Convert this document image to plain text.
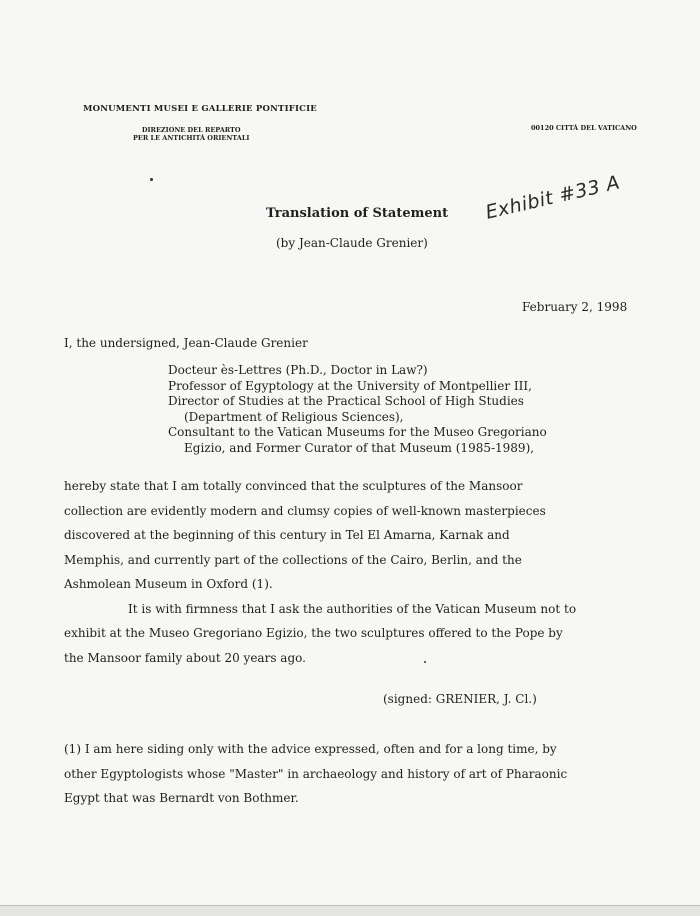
MONUMENTI MUSEI E GALLERIE PONTIFICIE
DIREZIONE DEL REPARTO
PER LE ANTICHITÀ ORIENTALI
00120 CITTÀ DEL VATICANO
Translation of Statement
(by Jean-Claude Grenier)
Exhibit #33 A
February 2, 1998
I, the undersigned, Jean-Claude Grenier
Docteur ès-Lettres (Ph.D., Doctor in Law?)
Professor of Egyptology at the University of Montpellier III,
Director of Studies at the Practical School of High Studies
(Department of Religious Sciences),
Consultant to the Vatican Museums for the Museo Gregoriano
Egizio, and Former Curator of that Museum (1985-1989),
hereby state that I am totally convinced that the sculptures of the Mansoor
collection are evidently modern and clumsy copies of well-known masterpieces
discovered at the beginning of this century in Tel El Amarna, Karnak and
Memphis, and currently part of the collections of the Cairo, Berlin, and the
Ashmolean Museum in Oxford (1).
It is with firmness that I ask the authorities of the Vatican Museum not to
exhibit at the Museo Gregoriano Egizio, the two sculptures offered to the Pope by
the Mansoor family about 20 years ago.
(signed: GRENIER, J. Cl.)
(1) I am here siding only with the advice expressed, often and for a long time, by
other Egyptologists whose "Master" in archaeology and history of art of Pharaonic
Egypt that was Bernardt von Bothmer.
